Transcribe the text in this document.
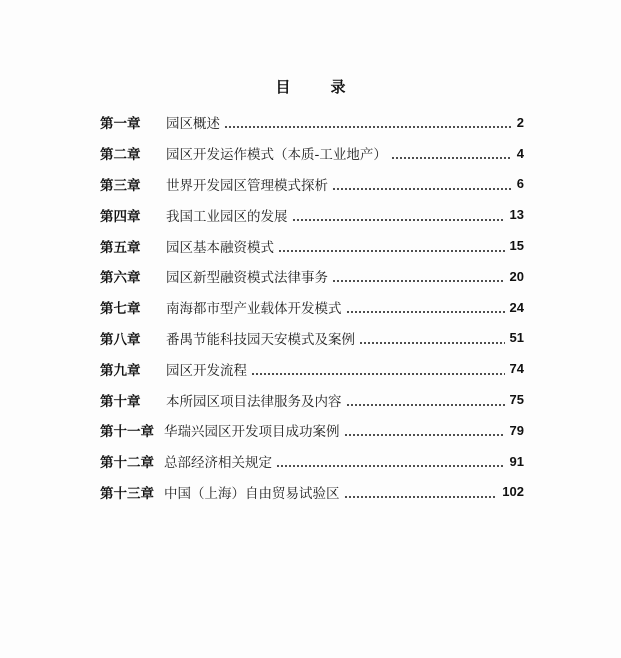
目	录
第一章	园区概述	2
第二章	园区开发运作模式（本质-工业地产）	4
第三章	世界开发园区管理模式探析	6
第四章	我国工业园区的发展	13
第五章	园区基本融资模式	15
第六章	园区新型融资模式法律事务	20
第七章	南海都市型产业载体开发模式	24
第八章	番禺节能科技园天安模式及案例	51
第九章	园区开发流程	74
第十章	本所园区项目法律服务及内容	75
第十一章 华瑞兴园区开发项目成功案例	79
第十二章 总部经济相关规定	91
第十三章 中国（上海）自由贸易试验区	102
